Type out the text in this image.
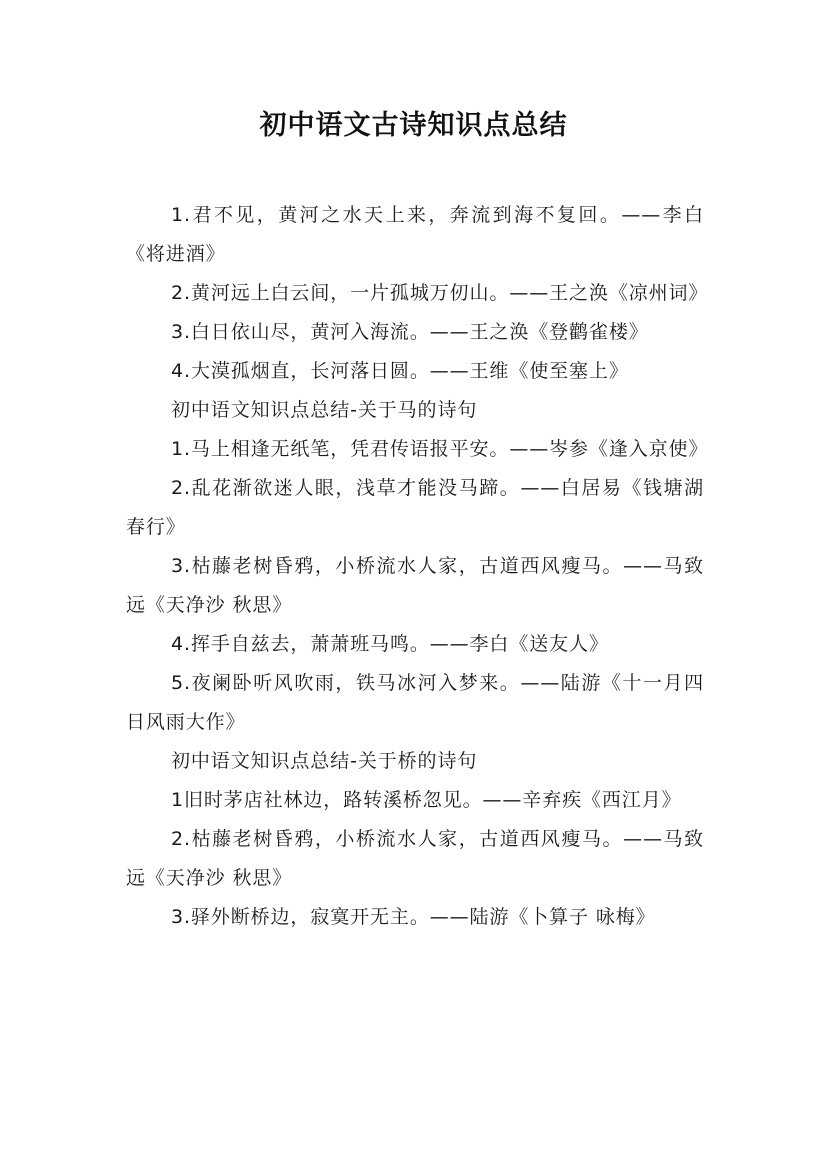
初中语文古诗知识点总结

1.君不见，黄河之水天上来，奔流到海不复回。——李白《将进酒》

2.黄河远上白云间，一片孤城万仞山。——王之涣《凉州词》

3.白日依山尽，黄河入海流。——王之涣《登鹳雀楼》

4.大漠孤烟直，长河落日圆。——王维《使至塞上》

初中语文知识点总结-关于马的诗句

1.马上相逢无纸笔，凭君传语报平安。——岑参《逢入京使》

2.乱花渐欲迷人眼，浅草才能没马蹄。——白居易《钱塘湖春行》

3.枯藤老树昏鸦，小桥流水人家，古道西风瘦马。——马致远《天净沙 秋思》

4.挥手自兹去，萧萧班马鸣。——李白《送友人》

5.夜阑卧听风吹雨，铁马冰河入梦来。——陆游《十一月四日风雨大作》

初中语文知识点总结-关于桥的诗句

1旧时茅店社林边，路转溪桥忽见。——辛弃疾《西江月》

2.枯藤老树昏鸦，小桥流水人家，古道西风瘦马。——马致远《天净沙 秋思》

3.驿外断桥边，寂寞开无主。——陆游《卜算子 咏梅》
